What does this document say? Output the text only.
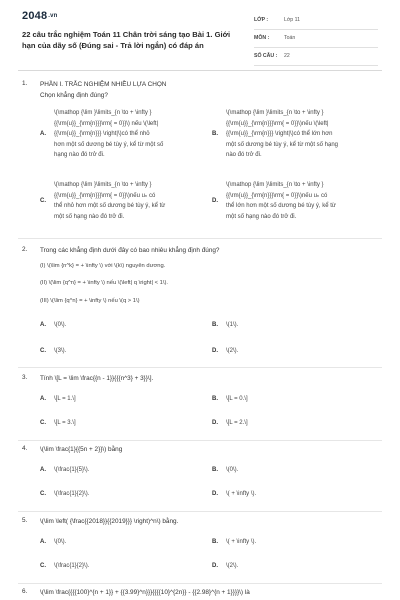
2048.vn
22 câu trắc nghiệm Toán 11 Chân trời sáng tạo Bài 1. Giới hạn của dãy số (Đúng sai - Trả lời ngắn) có đáp án
LỚP :	Lớp 11
MÔN :	Toán
SỐ CÂU : 22
1. PHẦN I. TRẮC NGHIỆM NHIỀU LỰA CHỌN
Chọn khẳng định đúng?
A.
\(\mathop {\lim }\limits_{n \to + \infty }
{{\rm{u}}_{\rm{n}}}\rm{ = 0}}\) nếu \(\left|
{{\rm{u}}_{\rm{n}}} \right|\)có thể nhỏ
hơn một số dương bé tùy ý, kể từ một số
hạng nào đó trở đi.
B.
\(\mathop {\lim }\limits_{n \to + \infty }
{{\rm{u}}_{\rm{n}}}\rm{ = 0}}\)nếu \(\left|
{{\rm{u}}_{\rm{n}}} \right|\)có thể lớn hơn
một số dương bé tùy ý, kể từ một số hạng
nào đó trở đi.
C.
\(\mathop {\lim }\limits_{n \to + \infty }
{{\rm{u}}_{\rm{n}}}\rm{ = 0}}\)nếu uₙ có
thể nhỏ hơn một số dương bé tùy ý, kể từ
một số hạng nào đó trở đi.
D.
\(\mathop {\lim }\limits_{n \to + \infty }
{{\rm{u}}_{\rm{n}}}\rm{ = 0}}\)nếu uₙ có
thể lớn hơn một số dương bé tùy ý, kể từ
một số hạng nào đó trở đi.
2. Trong các khẳng định dưới đây có bao nhiêu khẳng định đúng?
(I) \(\lim {n^k} = + \infty \) với \(k\) nguyên dương.
(II) \(\lim {q^n} = + \infty \) nếu \(\left| q \right| < 1\).
(III) \(\lim {q^n} = + \infty \) nếu \(q > 1\)
A. \(0\).	B. \(1\).
C. \(3\).	D. \(2\).
3. Tính \[L = \lim \frac{{n - 1}}{{{n^3} + 3}}\].
A. \[L = 1.\]	B. \[L = 0.\]
C. \[L = 3.\]	D. \[L = 2.\]
4. \(\lim \frac{1}{{5n + 2}}\) bằng
A. \(\frac{1}{5}\).	B. \(0\).
C. \(\frac{1}{2}\).	D. \( + \infty \).
5. \(\lim \left( {\frac{{2018}}{{2019}}} \right)^n\) bằng.
A. \(0\).	B. \( + \infty \).
C. \(\frac{1}{2}\).	D. \(2\).
6. \(\lim \frac{{{{100}^{n + 1}} + {{3.99}^n}}}{{{{10}^{2n}} - {{2.98}^{n + 1}}}}\) là
